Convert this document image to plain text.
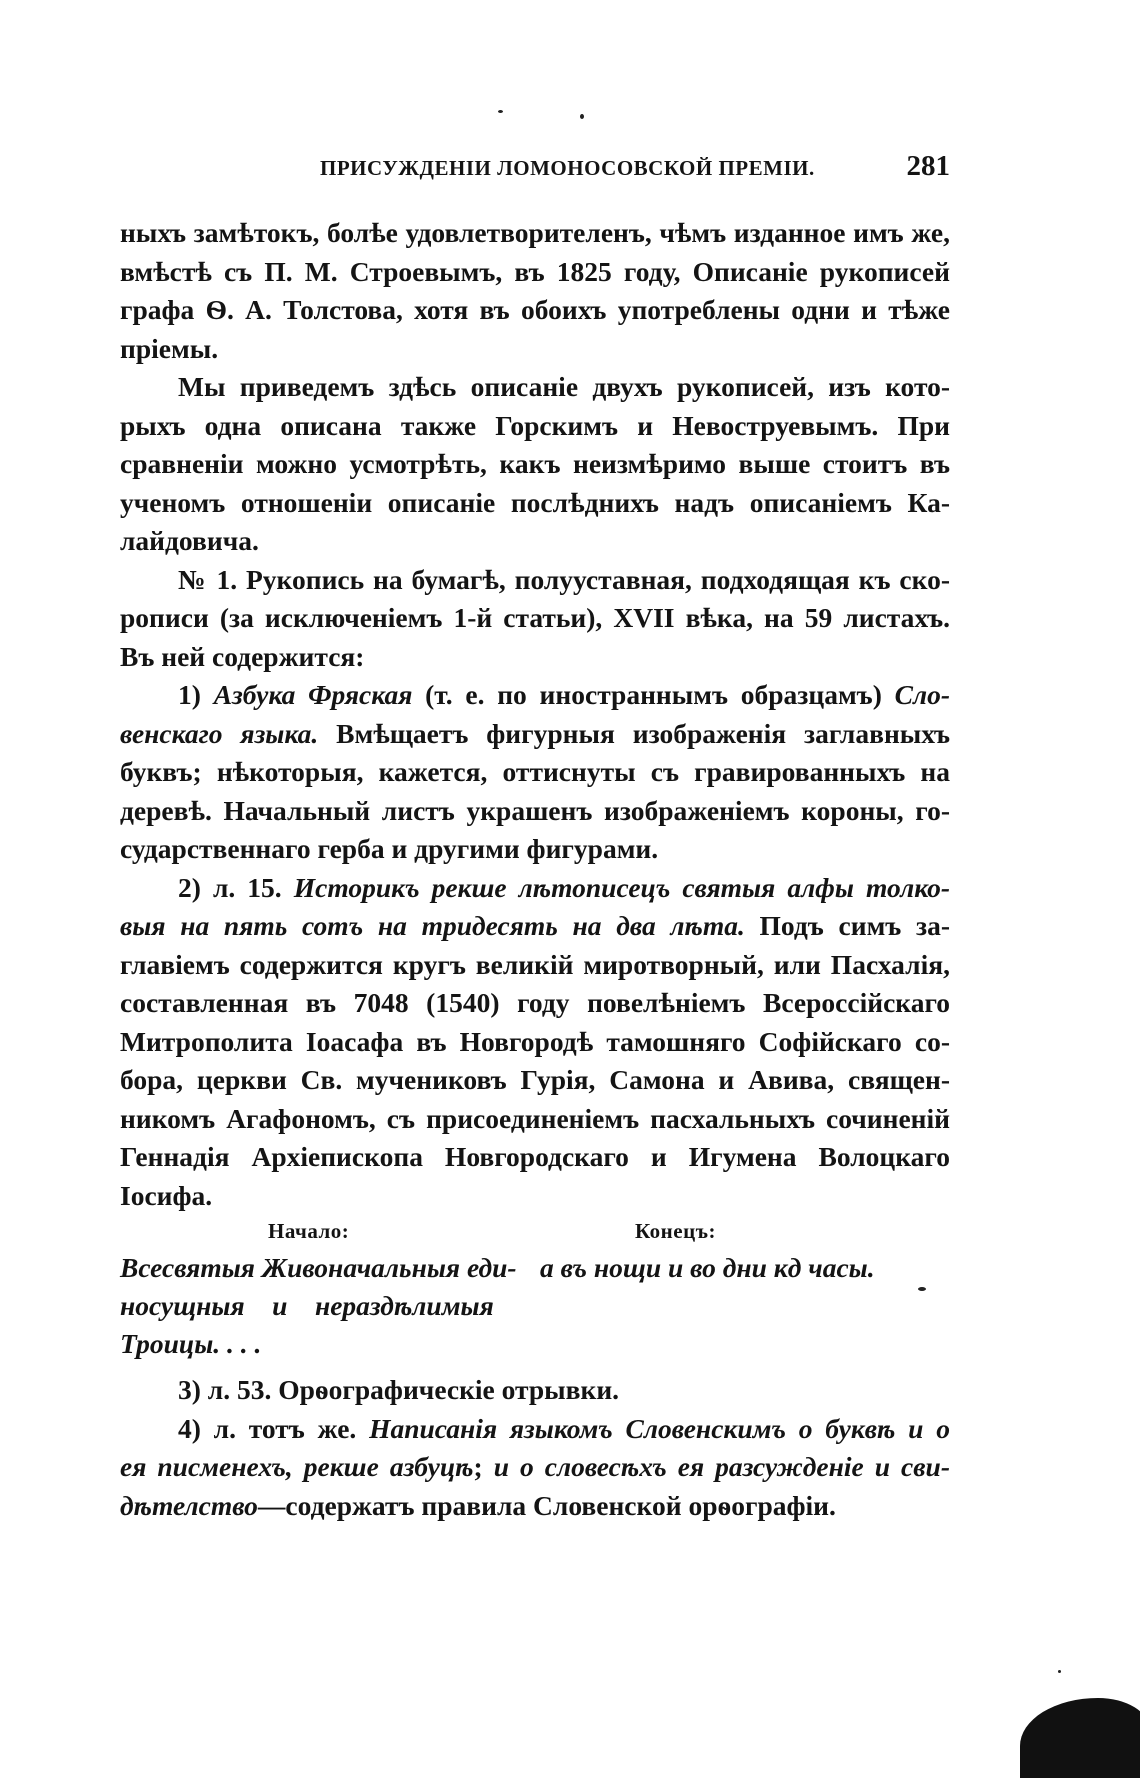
ПРИСУЖДЕНІИ ЛОМОНОСОВСКОЙ ПРЕМІИ.	281
ныхъ замѣтокъ, болѣе удовлетворителенъ, чѣмъ изданное имъ же,
вмѣстѣ съ П. М. Строевымъ, въ 1825 году, Описаніе рукописей
графа Ѳ. А. Толстова, хотя въ обоихъ употреблены одни и тѣже
пріемы.
Мы приведемъ здѣсь описаніе двухъ рукописей, изъ кото-
рыхъ одна описана также Горскимъ и Невоструевымъ. При
сравненіи можно усмотрѣть, какъ неизмѣримо выше стоитъ въ
ученомъ отношеніи описаніе послѣднихъ надъ описаніемъ Ка-
лайдовича.
№ 1. Рукопись на бумагѣ, полууставная, подходящая къ ско-
рописи (за исключеніемъ 1-й статьи), XVII вѣка, на 59 листахъ.
Въ ней содержится:
1) Азбука Фряская (т. е. по иностраннымъ образцамъ) Сло-
венскаго языка. Вмѣщаетъ фигурныя изображенія заглавныхъ
буквъ; нѣкоторыя, кажется, оттиснуты съ гравированныхъ на
деревѣ. Начальный листъ украшенъ изображеніемъ короны, го-
сударственнаго герба и другими фигурами.
2) л. 15. Историкъ рекше лѣтописецъ святыя алфы толко-
выя на пять сотъ на тридесять на два лѣта. Подъ симъ за-
главіемъ содержится кругъ великій миротворный, или Пасхалія,
составленная въ 7048 (1540) году повелѣніемъ Всероссійскаго
Митрополита Іоасафа въ Новгородѣ тамошняго Софійскаго со-
бора, церкви Св. мучениковъ Гурія, Самона и Авива, священ-
никомъ Агафономъ, съ присоединеніемъ пасхальныхъ сочиненій
Геннадія Архіепископа Новгородскаго и Игумена Волоцкаго
Іосифа.
Начало:	Конецъ:
Всесвятыя Живоначальныя еди-
носущныя    и    нераздѣлимыя
Троицы. . . .
а въ нощи и во дни кд часы.
3) л. 53. Орѳографическіе отрывки.
4) л. тотъ же. Написанія языкомъ Словенскимъ о буквѣ и о
ея писменехъ, рекше азбуцѣ; и о словесѣхъ ея разсужденіе и сви-
дѣтелство—содержатъ правила Словенской орѳографіи.
